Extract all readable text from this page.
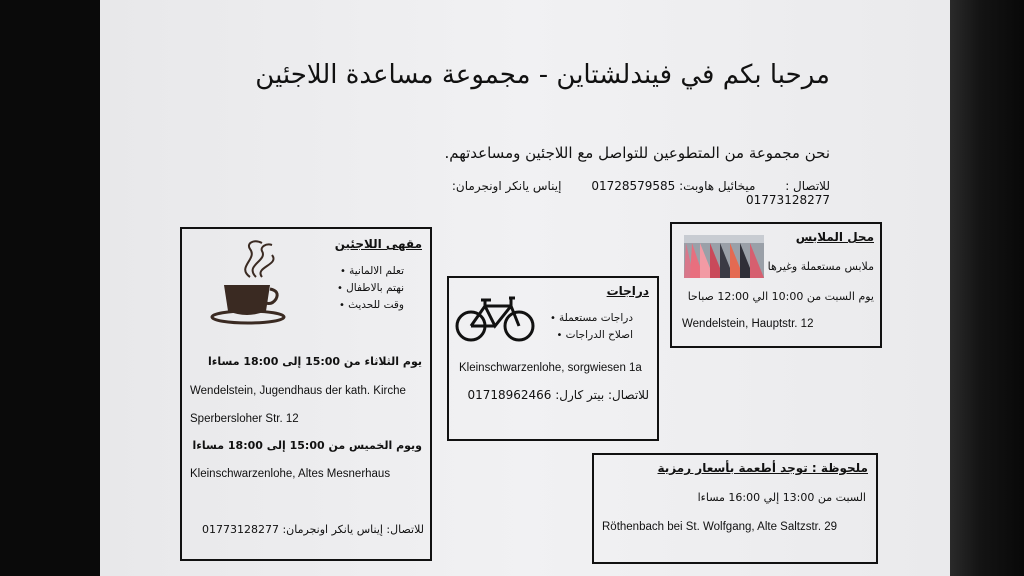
مرحبا بكم في فيندلشتاين - مجموعة مساعدة اللاجئين
نحن مجموعة من المتطوعين للتواصل مع اللاجئين ومساعدتهم.
للاتصال : ميخائيل هاوبت: 01728579585 إيناس يانكر اونجرمان: 01773128277
مقهى اللاجئين
تعلم الالمانية •
نهتم بالاطفال •
وقت للحديث •
يوم الثلاثاء من 15:00 إلى 18:00 مساءا
Wendelstein, Jugendhaus der kath. Kirche
Sperbersloher Str. 12
ويوم الخميس من 15:00 إلى 18:00 مساءا
Kleinschwarzenlohe, Altes Mesnerhaus
للاتصال: إيناس يانكر اونجرمان: 01773128277
دراجات
دراجات مستعملة •
اصلاح الدراجات •
Kleinschwarzenlohe, sorgwiesen 1a
للاتصال: بيتر كارل: 01718962466
محل الملابس
ملابس مستعملة وغيرها
يوم السبت من 10:00 الي 12:00 صباحا
Wendelstein, Hauptstr. 12
ملحوظة : توجد أطعمة بأسعار رمزية
السبت من 13:00 إلي 16:00 مساءا
Röthenbach bei St. Wolfgang, Alte Saltzstr. 29
